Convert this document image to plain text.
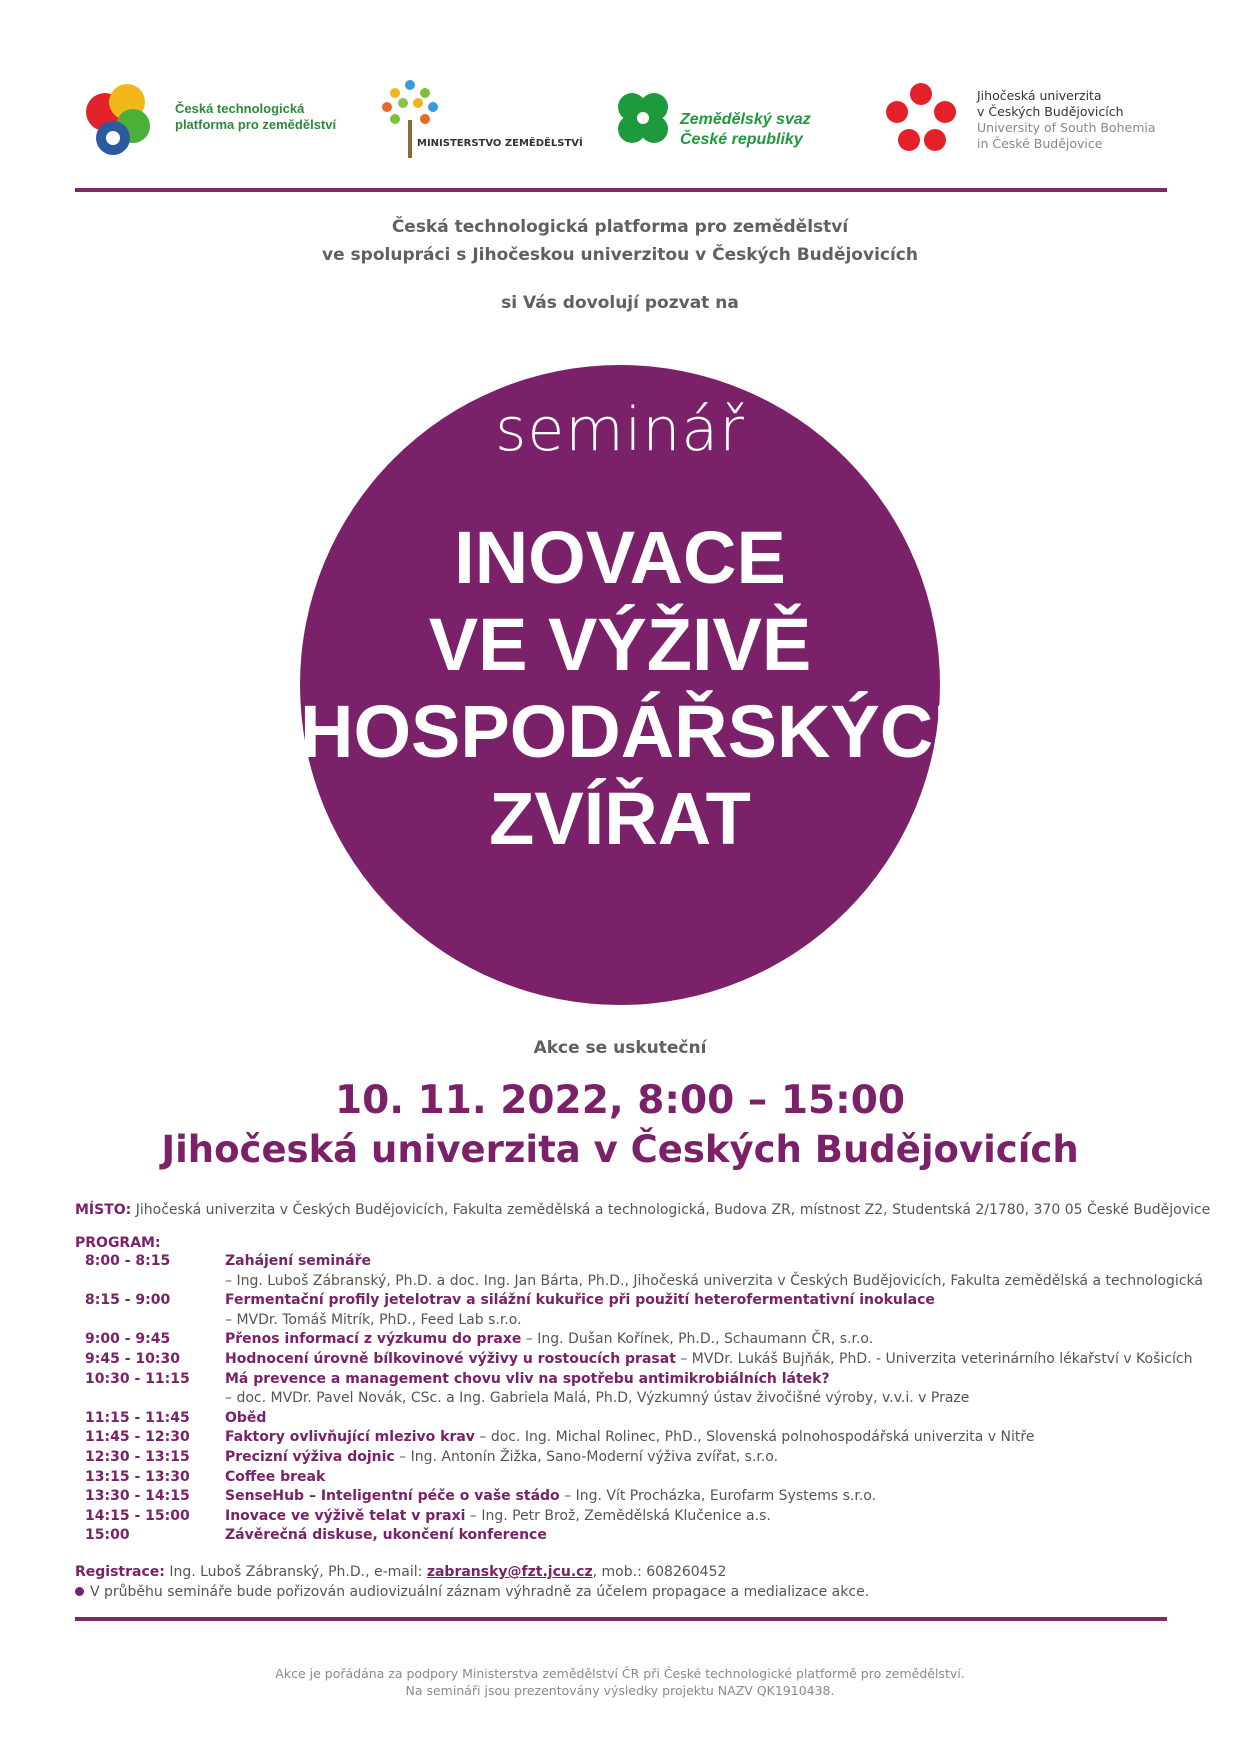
Česká technologická
platforma pro zemědělství
MINISTERSTVO ZEMĚDĚLSTVÍ
Zemědělský svaz
České republiky
Jihočeská univerzita
v Českých Budějovicích
University of South Bohemia
in České Budějovice
Česká technologická platforma pro zemědělství
ve spolupráci s Jihočeskou univerzitou v Českých Budějovicích
si Vás dovolují pozvat na
seminář
INOVACE
VE VÝŽIVĚ
HOSPODÁŘSKÝCH
ZVÍŘAT
Akce se uskuteční
10. 11. 2022, 8:00 – 15:00
Jihočeská univerzita v Českých Budějovicích
MÍSTO: Jihočeská univerzita v Českých Budějovicích, Fakulta zemědělská a technologická, Budova ZR, místnost Z2, Studentská 2/1780, 370 05 České Budějovice
PROGRAM:
8:00 - 8:15	Zahájení semináře
– Ing. Luboš Zábranský, Ph.D. a doc. Ing. Jan Bárta, Ph.D., Jihočeská univerzita v Českých Budějovicích, Fakulta zemědělská a technologická
8:15 - 9:00	Fermentační profily jetelotrav a silážní kukuřice při použití heterofermentativní inokulace
– MVDr. Tomáš Mitrík, PhD., Feed Lab s.r.o.
9:00 - 9:45	Přenos informací z výzkumu do praxe – Ing. Dušan Kořínek, Ph.D., Schaumann ČR, s.r.o.
9:45 - 10:30	Hodnocení úrovně bílkovinové výživy u rostoucích prasat – MVDr. Lukáš Bujňák, PhD. - Univerzita veterinárního lékařství v Košicích
10:30 - 11:15	Má prevence a management chovu vliv na spotřebu antimikrobiálních látek?
– doc. MVDr. Pavel Novák, CSc. a Ing. Gabriela Malá, Ph.D, Výzkumný ústav živočišné výroby, v.v.i. v Praze
11:15 - 11:45	Oběd
11:45 - 12:30	Faktory ovlivňující mlezivo krav – doc. Ing. Michal Rolinec, PhD., Slovenská polnohospodářská univerzita v Nitře
12:30 - 13:15	Precizní výživa dojnic – Ing. Antonín Žižka, Sano-Moderní výživa zvířat, s.r.o.
13:15 - 13:30	Coffee break
13:30 - 14:15	SenseHub – Inteligentní péče o vaše stádo – Ing. Vít Procházka, Eurofarm Systems s.r.o.
14:15 - 15:00	Inovace ve výživě telat v praxi – Ing. Petr Brož, Zemědělská Klučenice a.s.
15:00	Závěrečná diskuse, ukončení konference
Registrace: Ing. Luboš Zábranský, Ph.D., e-mail: zabransky@fzt.jcu.cz, mob.: 608260452
V průběhu semináře bude pořizován audiovizuální záznam výhradně za účelem propagace a medializace akce.
Akce je pořádána za podpory Ministerstva zemědělství ČR při České technologické platformě pro zemědělství.
Na semináři jsou prezentovány výsledky projektu NAZV QK1910438.
